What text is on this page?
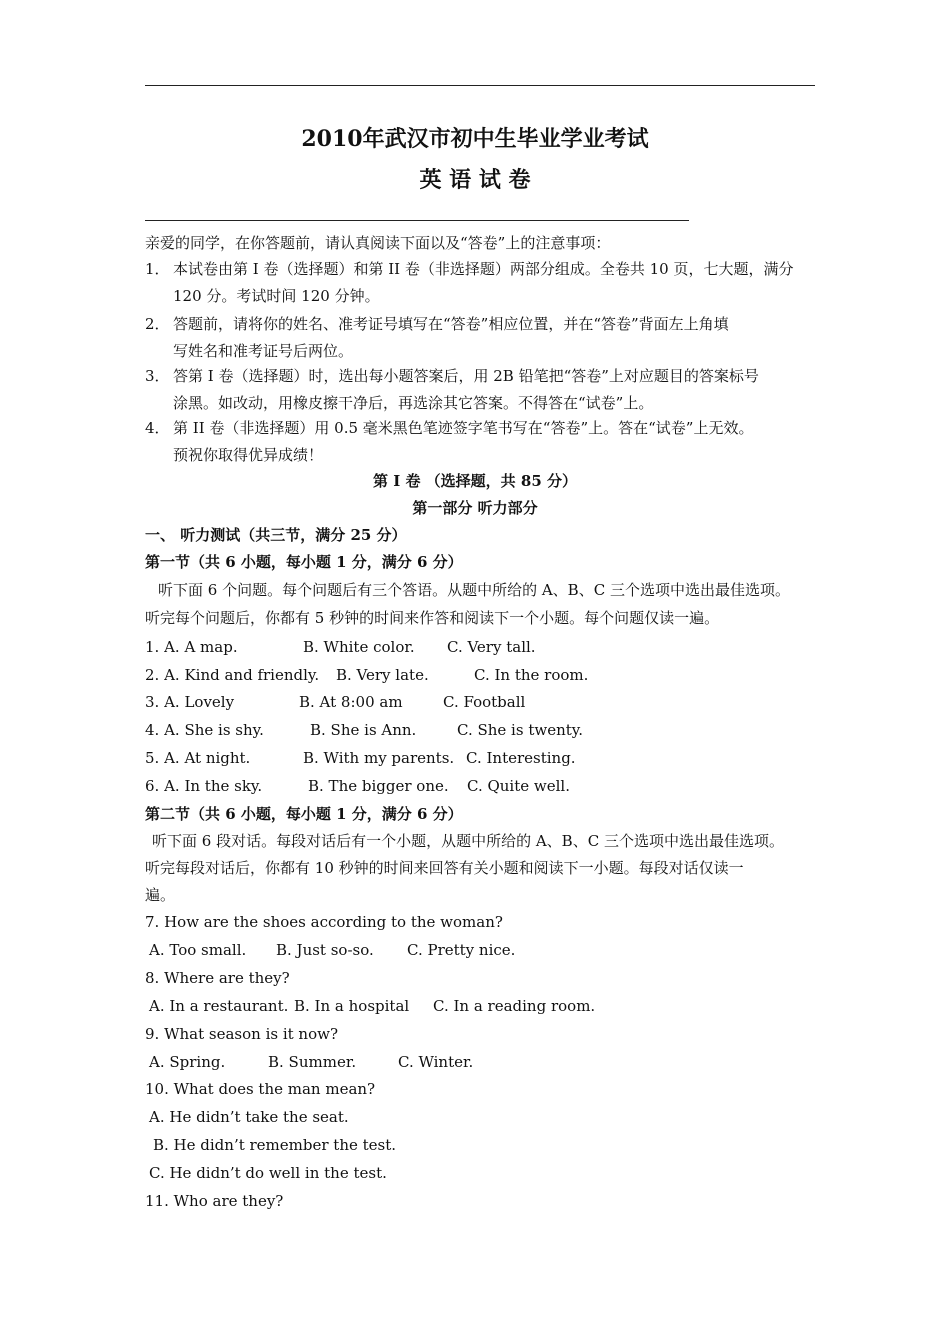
2010年武汉市初中生毕业学业考试
英 语 试 卷
亲爱的同学，在你答题前，请认真阅读下面以及“答卷”上的注意事项：
1． 本试卷由第 I 卷（选择题）和第 II 卷（非选择题）两部分组成。全卷共 10 页，七大题，满分
120 分。考试时间 120 分钟。
2． 答题前，请将你的姓名、准考证号填写在“答卷”相应位置，并在“答卷”背面左上角填
写姓名和准考证号后两位。
3． 答第 I 卷（选择题）时，选出每小题答案后，用 2B 铅笔把“答卷”上对应题目的答案标号
涂黑。如改动，用橡皮擦干净后，再选涂其它答案。不得答在“试卷”上。
4． 第 II 卷（非选择题）用 0.5 毫米黑色笔迹签字笔书写在“答卷”上。答在“试卷”上无效。
预祝你取得优异成绩！
第 I 卷 （选择题，共 85 分）
第一部分 听力部分
一、 听力测试（共三节，满分 25 分）
第一节（共 6 小题，每小题 1 分，满分 6 分）
听下面 6 个问题。每个问题后有三个答语。从题中所给的 A、B、C 三个选项中选出最佳选项。
听完每个问题后，你都有 5 秒钟的时间来作答和阅读下一个小题。每个问题仅读一遍。
1. A. A map.	B. White color. C. Very tall.
2. A. Kind and friendly. B. Very late.	C. In the room.
3. A. Lovely	B. At 8:00 am	C. Football
4. A. She is shy.	B. She is Ann.	C. She is twenty.
5. A. At night.	B. With my parents. C. Interesting.
6. A. In the sky.	B. The bigger one. C. Quite well.
第二节（共 6 小题，每小题 1 分，满分 6 分）
听下面 6 段对话。每段对话后有一个小题，从题中所给的 A、B、C 三个选项中选出最佳选项。
听完每段对话后，你都有 10 秒钟的时间来回答有关小题和阅读下一小题。每段对话仅读一
遍。
7. How are the shoes according to the woman?
A. Too small. B. Just so-so. C. Pretty nice.
8. Where are they?
A. In a restaurant. B. In a hospital C. In a reading room.
9. What season is it now?
A. Spring.	B. Summer.	C. Winter.
10. What does the man mean?
A. He didn’t take the seat.
B. He didn’t remember the test.
C. He didn’t do well in the test.
11. Who are they?
